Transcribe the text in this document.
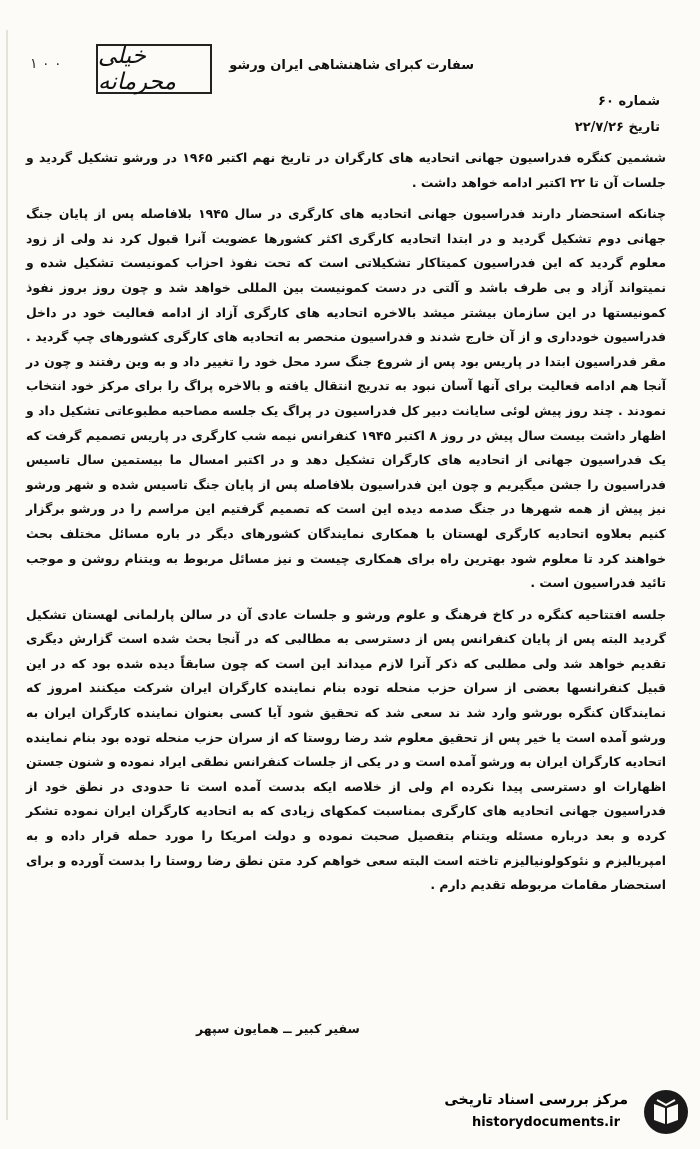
۱ ۰ ۰ خیلی محرمانه
سفارت کبرای شاهنشاهی ایران ورشو
شماره ۶۰
تاریخ ۲۲/۷/۲۶

ششمین کنگره فدراسیون جهانی اتحادیه های کارگران در تاریخ نهم اکتبر ۱۹۶۵ در ورشو تشکیل گردید و جلسات آن تا ۲۲ اکتبر ادامه خواهد داشت .

چنانکه استحضار دارند فدراسیون جهانی اتحادیه های کارگری در سال ۱۹۴۵ بلافاصله پس از پایان جنگ جهانی دوم تشکیل گردید و در ابتدا اتحادیه کارگری اکثر کشورها عضویت آنرا قبول کرد ند ولی از زود معلوم گردید که این فدراسیون کمیتاکار تشکیلاتی است که تحت نفوذ احزاب کمونیست تشکیل شده و نمیتواند آزاد و بی طرف باشد و آلتی در دست کمونیست بین المللی خواهد شد و چون روز بروز نفوذ کمونیستها در این سازمان بیشتر میشد بالاخره اتحادیه های کارگری آزاد از ادامه فعالیت خود در داخل فدراسیون خودداری و از آن خارج شدند و فدراسیون منحصر به اتحادیه های کارگری کشورهای چپ گردید . مقر فدراسیون ابتدا در پاریس بود پس از شروع جنگ سرد محل خود را تغییر داد و به وین رفتند و چون در آنجا هم ادامه فعالیت برای آنها آسان نبود به تدریج انتقال یافته و بالاخره پراگ را برای مرکز خود انتخاب نمودند . چند روز پیش لوئی سایانت دبیر کل فدراسیون در پراگ یک جلسه مصاحبه مطبوعاتی تشکیل داد و اظهار داشت بیست سال پیش در روز ۸ اکتبر ۱۹۴۵ کنفرانس نیمه شب کارگری در پاریس تصمیم گرفت که یک فدراسیون جهانی از اتحادیه های کارگران تشکیل دهد و در اکتبر امسال ما بیستمین سال تاسیس فدراسیون را جشن میگیریم و چون این فدراسیون بلافاصله پس از پایان جنگ تاسیس شده و شهر ورشو نیز پیش از همه شهرها در جنگ صدمه دیده این است که تصمیم گرفتیم این مراسم را در ورشو برگزار کنیم بعلاوه اتحادیه کارگری لهستان با همکاری نمایندگان کشورهای دیگر در باره مسائل مختلف بحث خواهند کرد تا معلوم شود بهترین راه برای همکاری چیست و نیز مسائل مربوط به ویتنام روشن و موجب تائید فدراسیون است .

جلسه افتتاحیه کنگره در کاخ فرهنگ و علوم ورشو و جلسات عادی آن در سالن پارلمانی لهستان تشکیل گردید البته پس از پایان کنفرانس پس از دسترسی به مطالبی که در آنجا بحث شده است گزارش دیگری تقدیم خواهد شد ولی مطلبی که ذکر آنرا لازم میداند این است که چون سابقاً دیده شده بود که در این قبیل کنفرانسها بعضی از سران حزب منحله توده بنام نماینده کارگران ایران شرکت میکنند امروز که نمایندگان کنگره بورشو وارد شد ند سعی شد که تحقیق شود آیا کسی بعنوان نماینده کارگران ایران به ورشو آمده است یا خیر پس از تحقیق معلوم شد رضا روستا که از سران حزب منحله توده بود بنام نماینده اتحادیه کارگران ایران به ورشو آمده است و در یکی از جلسات کنفرانس نطقی ایراد نموده و شنون جستن اظهارات او دسترسی پیدا نکرده ام ولی از خلاصه ایکه بدست آمده است تا حدودی در نطق خود از فدراسیون جهانی اتحادیه های کارگری بمناسبت کمکهای زیادی که به اتحادیه کارگران ایران نموده تشکر کرده و بعد درباره مسئله ویتنام بتفصیل صحبت نموده و دولت امریکا را مورد حمله قرار داده و به امپریالیزم و نئوکولونیالیزم تاخته است البته سعی خواهم کرد متن نطق رضا روستا را بدست آورده و برای استحضار مقامات مربوطه تقدیم دارم .

سفیر کبیر ــ همایون سپهر
مرکز بررسی اسناد تاریخی
historydocuments.ir
